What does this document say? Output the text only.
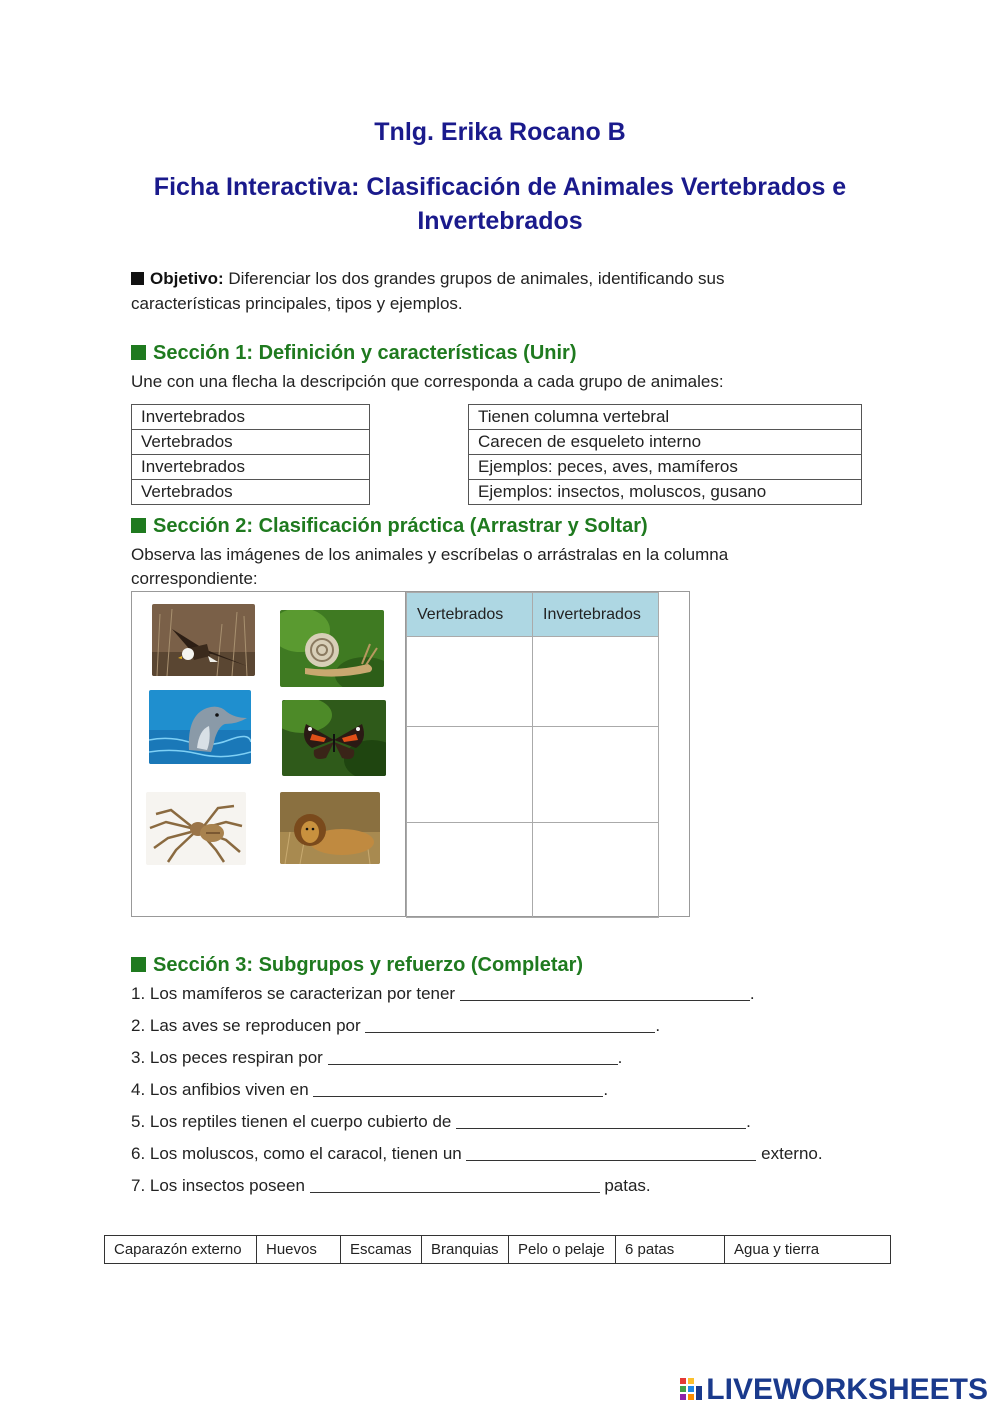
Tnlg. Erika Rocano B
Ficha Interactiva: Clasificación de Animales Vertebrados e Invertebrados
Objetivo: Diferenciar los dos grandes grupos de animales, identificando sus características principales, tipos y ejemplos.
Sección 1: Definición y características (Unir)
Une con una flecha la descripción que corresponda a cada grupo de animales:
Invertebrados
Vertebrados
Invertebrados
Vertebrados
Tienen columna vertebral
Carecen de esqueleto interno
Ejemplos: peces, aves, mamíferos
Ejemplos: insectos, moluscos, gusano
Sección 2: Clasificación práctica (Arrastrar y Soltar)
Observa las imágenes de los animales y escríbelas o arrástralas en la columna correspondiente:
Vertebrados	Invertebrados

Sección 3: Subgrupos y refuerzo (Completar)
1. Los mamíferos se caracterizan por tener	.
2. Las aves se reproducen por	.
3. Los peces respiran por	.
4. Los anfibios viven en	.
5. Los reptiles tienen el cuerpo cubierto de	.
6. Los moluscos, como el caracol, tienen un	externo.
7. Los insectos poseen	patas.
Caparazón externo	Huevos	Escamas	Branquias	Pelo o pelaje	6 patas	Agua y tierra
LIVEWORKSHEETS
